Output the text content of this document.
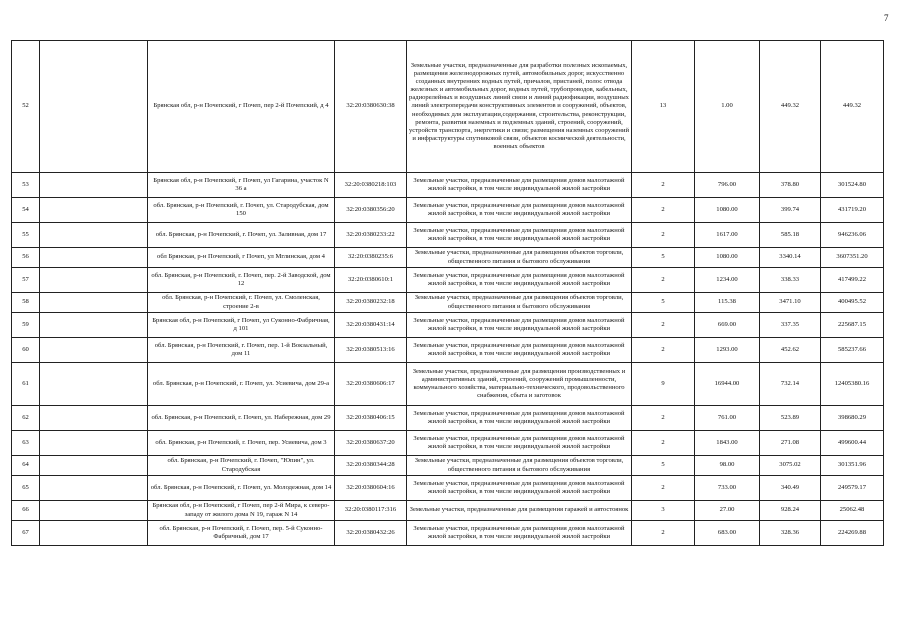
7
52		Брянская обл, р-н Почепский, г Почеп, пер 2-й Почепский, д 4	32:20:0380630:38	Земельные участки, предназначенные для разработки полезных ископаемых, размещения железнодорожных путей, автомобильных дорог, искусственно созданных внутренних водных путей, причалов, пристаней, полос отвода железных и автомобильных дорог, водных путей, трубопроводов, кабельных, радиорелейных и воздушных линий связи и линий радиофикации, воздушных линий электропередачи конструктивных элементов и сооружений, объектов, необходимых для эксплуатации,содержания, строительства, реконструкции, ремонта, развития наземных и подземных зданий, строений, сооружений, устройств транспорта, энергетики и связи; размещения наземных сооружений и инфраструктуры спутниковой связи, объектов космической деятельности, военных объектов	13	1.00	449.32	449.32
53		Брянская обл, р-н Почепский, г Почеп, ул Гагарина, участок N 36 а	32:20:0380218:103	Земельные участки, предназначенные для размещения домов малоэтажной жилой застройки, в том числе индивидуальной жилой застройки	2	796.00	378.80	301524.80
54		обл. Брянская, р-н Почепский, г. Почеп, ул. Стародубская, дом 150	32:20:0380356:20	Земельные участки, предназначенные для размещения домов малоэтажной жилой застройки, в том числе индивидуальной жилой застройки	2	1080.00	399.74	431719.20
55		обл. Брянская, р-н Почепский, г. Почеп, ул. Заливная, дом 17	32:20:0380233:22	Земельные участки, предназначенные для размещения домов малоэтажной жилой застройки, в том числе индивидуальной жилой застройки	2	1617.00	585.18	946236.06
56		обл Брянская, р-н Почепский, г Почеп, ул Мглинская, дом 4	32:20:0380235:6	Земельные участки, предназначенные для размещения объектов торговли, общественного питания и бытового обслуживания	5	1080.00	3340.14	3607351.20
57		обл. Брянская, р-н Почепский, г. Почеп, пер. 2-й Заводской, дом 12	32:20:0380610:1	Земельные участки, предназначенные для размещения домов малоэтажной жилой застройки, в том числе индивидуальной жилой застройки	2	1234.00	338.33	417499.22
58		обл. Брянская, р-н Почепский, г. Почеп, ул. Смоленская, строение 2-в	32:20:0380232:18	Земельные участки, предназначенные для размещения объектов торговли, общественного питания и бытового обслуживания	5	115.38	3471.10	400495.52
59		Брянская обл, р-н Почепский, г Почеп, ул Суконно-Фабричная, д 101	32:20:0380431:14	Земельные участки, предназначенные для размещения домов малоэтажной жилой застройки, в том числе индивидуальной жилой застройки	2	669.00	337.35	225687.15
60		обл. Брянская, р-н Почепский, г. Почеп, пер. 1-й Вокзальный, дом 11	32:20:0380513:16	Земельные участки, предназначенные для размещения домов малоэтажной жилой застройки, в том числе индивидуальной жилой застройки	2	1293.00	452.62	585237.66
61		обл. Брянская, р-н Почепский, г. Почеп, ул. Усиевича, дом 29-а	32:20:0380606:17	Земельные участки, предназначенные для размещения производственных и административных зданий, строений, сооружений промышленности, коммунального хозяйства, материально-технического, продовольственного снабжения, сбыта и заготовок	9	16944.00	732.14	12405380.16
62		обл. Брянская, р-н Почепский, г. Почеп, ул. Набережная, дом 29	32:20:0380406:15	Земельные участки, предназначенные для размещения домов малоэтажной жилой застройки, в том числе индивидуальной жилой застройки	2	761.00	523.89	398680.29
63		обл. Брянская, р-н Почепский, г. Почеп, пер. Усиевича, дом 3	32:20:0380637:20	Земельные участки, предназначенные для размещения домов малоэтажной жилой застройки, в том числе индивидуальной жилой застройки	2	1843.00	271.08	499600.44
64		обл. Брянская, р-н Почепский, г. Почеп, "Юпин", ул. Стародубская	32:20:0380344:28	Земельные участки, предназначенные для размещения объектов торговли, общественного питания и бытового обслуживания	5	98.00	3075.02	301351.96
65		обл. Брянская, р-н Почепский, г. Почеп, ул. Молодежная, дом 14	32:20:0380604:16	Земельные участки, предназначенные для размещения домов малоэтажной жилой застройки, в том числе индивидуальной жилой застройки	2	733.00	340.49	249579.17
66		Брянская обл, р-н Почепский, г Почеп, пер 2-й Мира, к северо-западу от жилого дома N 19, гараж N 14	32:20:0380117:316	Земельные участки, предназначенные для размещения гаражей и автостоянок	3	27.00	928.24	25062.48
67		обл. Брянская, р-н Почепский, г. Почеп, пер. 5-й Суконно-Фабричный, дом 17	32:20:0380432:26	Земельные участки, предназначенные для размещения домов малоэтажной жилой застройки, в том числе индивидуальной жилой застройки	2	683.00	328.36	224269.88
